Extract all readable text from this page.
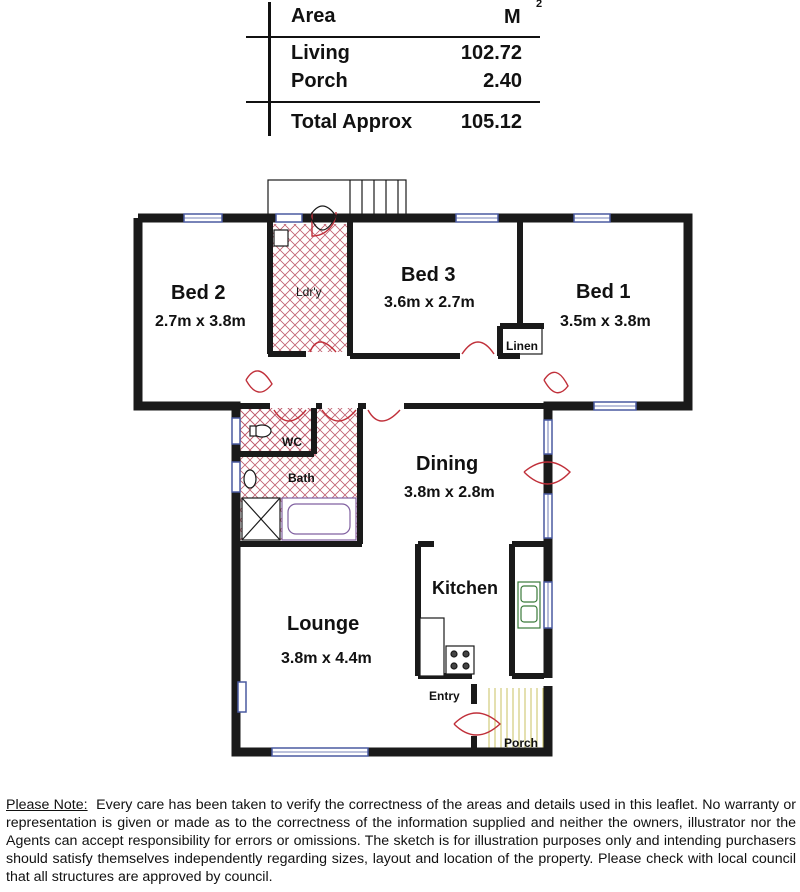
Area	M
2
Living	102.72
Porch	2.40
Total Approx	105.12
Bed 2
2.7m x 3.8m
Bed 3
3.6m x 2.7m	Bed 1
3.5m x 3.8m
Ldr'y
Linen
WC
Bath
Dining
3.8m x 2.8m
Kitchen
Lounge
3.8m x 4.4m
Entry
Porch
Please Note: Every care has been taken to verify the correctness of the areas and details used in this leaflet. No warranty or representation is given or made as to the correctness of the information supplied and neither the owners, illustrator nor the Agents can accept responsibility for errors or omissions. The sketch is for illustration purposes only and intending purchasers should satisfy themselves independently regarding sizes, layout and location of the property. Please check with local council that all structures are approved by council.
